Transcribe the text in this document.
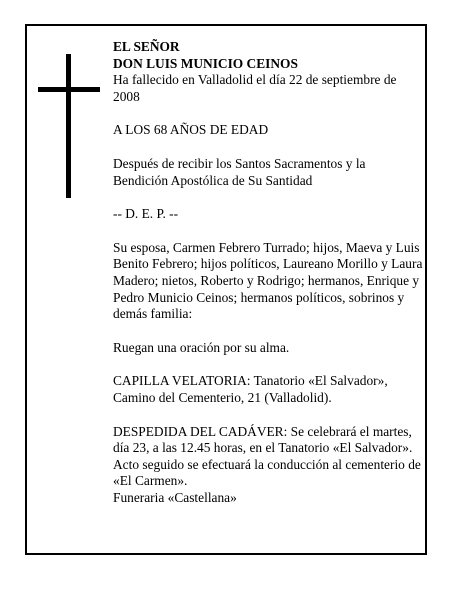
EL SEÑOR

DON LUIS MUNICIO CEINOS

Ha fallecido en Valladolid el día 22 de septiembre de 2008

A LOS 68 AÑOS DE EDAD

Después de recibir los Santos Sacramentos y la Bendición Apostólica de Su Santidad

-- D. E. P. --

Su esposa, Carmen Febrero Turrado; hijos, Maeva y Luis Benito Febrero; hijos políticos, Laureano Morillo y Laura Madero; nietos, Roberto y Rodrigo; hermanos, Enrique y Pedro Municio Ceinos; hermanos políticos, sobrinos y demás familia:

Ruegan una oración por su alma.

CAPILLA VELATORIA: Tanatorio «El Salvador», Camino del Cementerio, 21 (Valladolid).

DESPEDIDA DEL CADÁVER: Se celebrará el martes, día 23, a las 12.45 horas, en el Tanatorio «El Salvador». Acto seguido se efectuará la conducción al cementerio de «El Carmen».

Funeraria «Castellana»
